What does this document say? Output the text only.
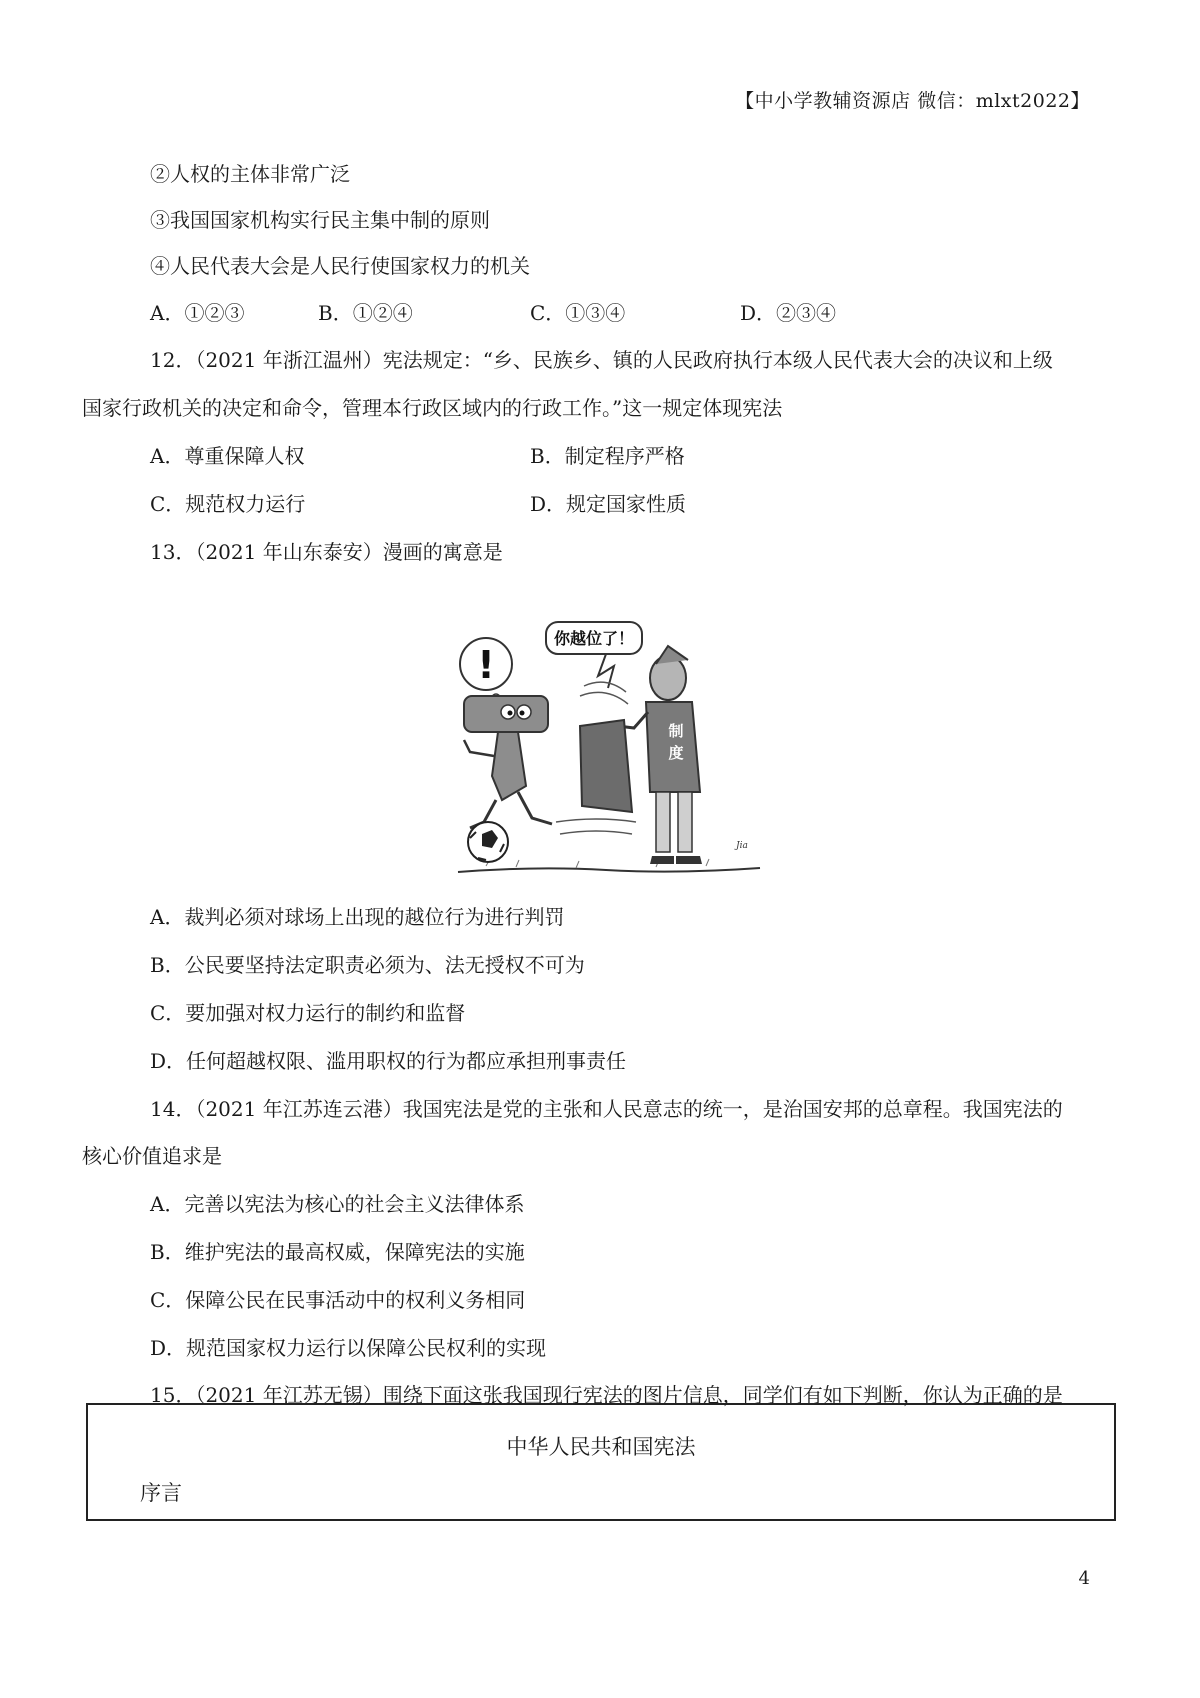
【中小学教辅资源店 微信：mlxt2022】
②人权的主体非常广泛
③我国国家机构实行民主集中制的原则
④人民代表大会是人民行使国家权力的机关
A．①②③	B．①②④	C．①③④	D．②③④
12．（2021 年浙江温州）宪法规定：“乡、民族乡、镇的人民政府执行本级人民代表大会的决议和上级
国家行政机关的决定和命令，管理本行政区域内的行政工作。”这一规定体现宪法
A．尊重保障人权	B．制定程序严格
C．规范权力运行	D．规定国家性质
13．（2021 年山东泰安）漫画的寓意是
!
你越位了！
制
度
Jia
A．裁判必须对球场上出现的越位行为进行判罚
B．公民要坚持法定职责必须为、法无授权不可为
C．要加强对权力运行的制约和监督
D．任何超越权限、滥用职权的行为都应承担刑事责任
14．（2021 年江苏连云港）我国宪法是党的主张和人民意志的统一，是治国安邦的总章程。我国宪法的
核心价值追求是
A．完善以宪法为核心的社会主义法律体系
B．维护宪法的最高权威，保障宪法的实施
C．保障公民在民事活动中的权利义务相同
D．规范国家权力运行以保障公民权利的实现
15．（2021 年江苏无锡）围绕下面这张我国现行宪法的图片信息，同学们有如下判断，你认为正确的是
中华人民共和国宪法
序言
4
